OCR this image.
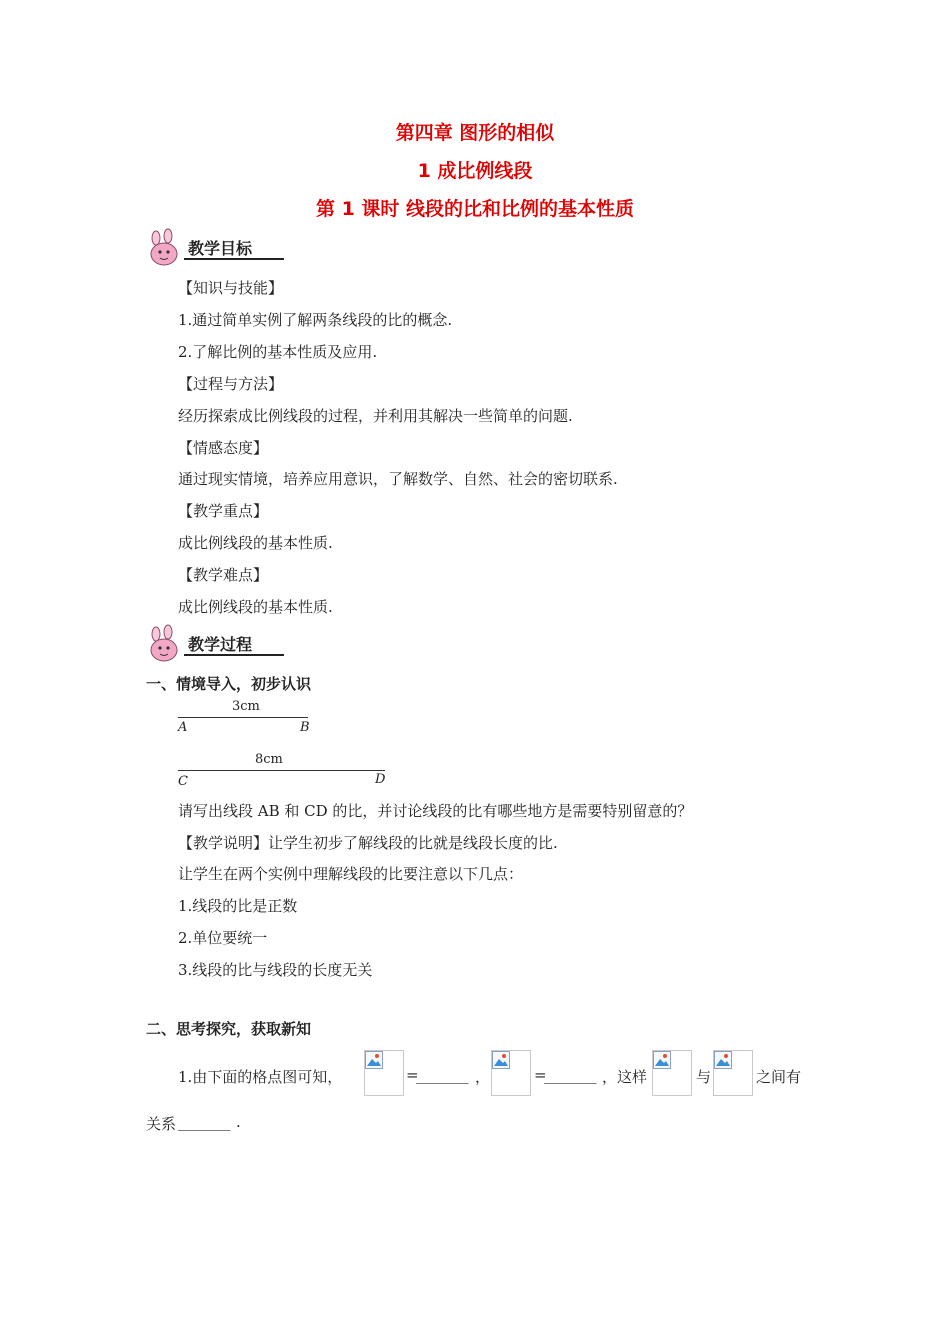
第四章 图形的相似
1 成比例线段
第 1 课时 线段的比和比例的基本性质
教学目标
【知识与技能】
1.通过简单实例了解两条线段的比的概念.
2.了解比例的基本性质及应用.
【过程与方法】
经历探索成比例线段的过程，并利用其解决一些简单的问题.
【情感态度】
通过现实情境，培养应用意识，了解数学、自然、社会的密切联系.
【教学重点】
成比例线段的基本性质.
【教学难点】
成比例线段的基本性质.
教学过程
一、情境导入，初步认识
3cm
A	B
8cm
C	D
请写出线段 AB 和 CD 的比，并讨论线段的比有哪些地方是需要特别留意的？
【教学说明】让学生初步了解线段的比就是线段长度的比.
让学生在两个实例中理解线段的比要注意以下几点：
1.线段的比是正数
2.单位要统一
3.线段的比与线段的长度无关
二、思考探究，获取新知
1.由下面的格点图可知，	=
_______ ，	=
_______ ，这样	与	之间有
关系 _______ .
